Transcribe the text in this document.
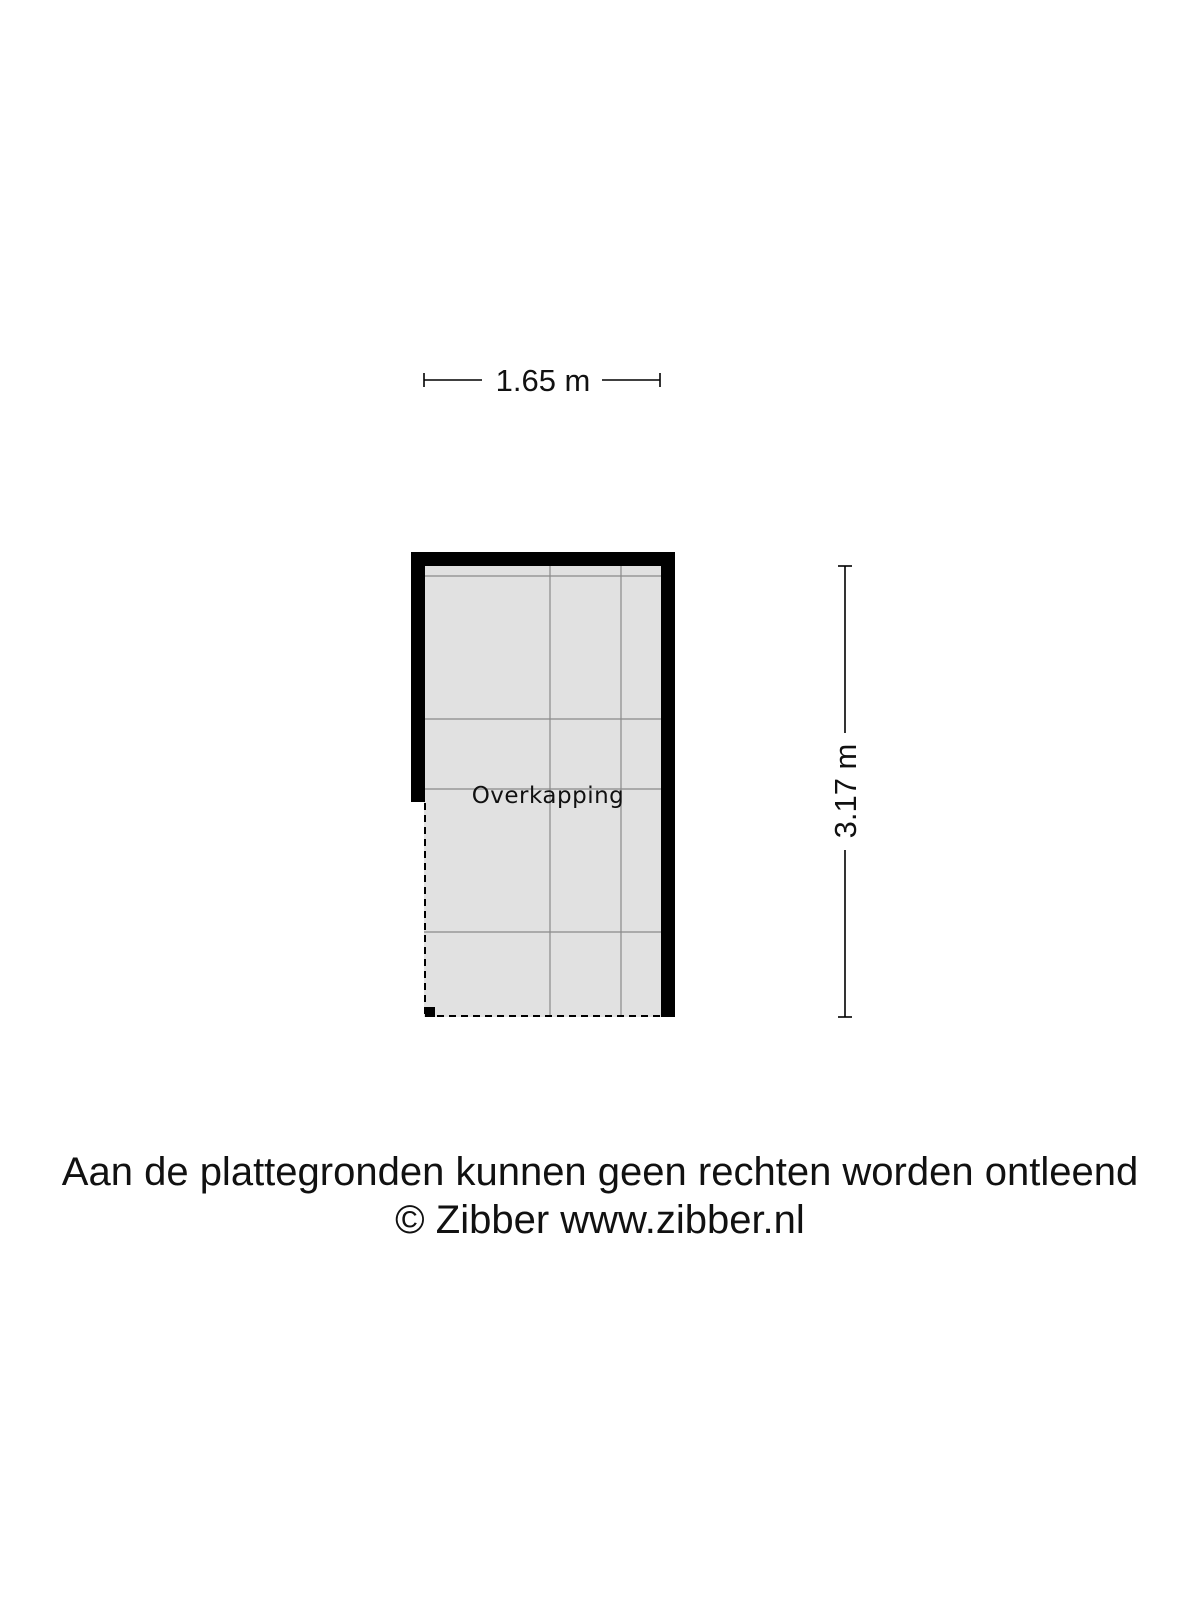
Overkapping
1.65 m
3.17 m
Aan de plattegronden kunnen geen rechten worden ontleend
© Zibber www.zibber.nl
